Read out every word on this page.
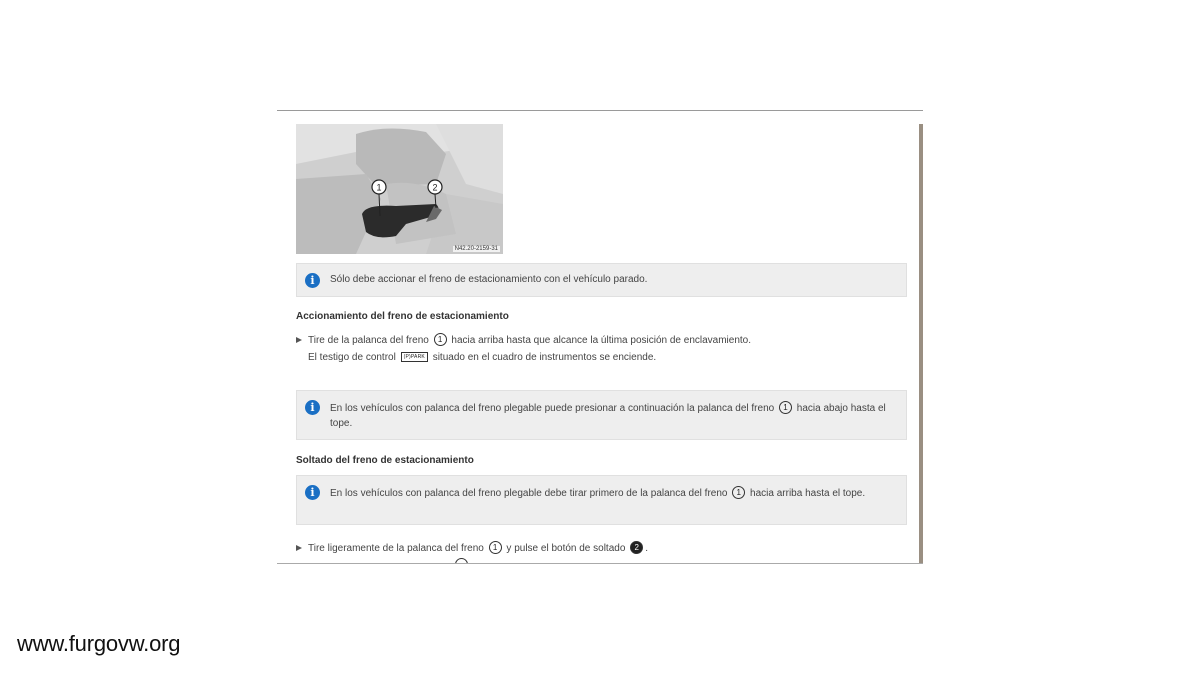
1	2
N42.20-2159-31
i	Sólo debe accionar el freno de estacionamiento con el vehículo parado.
Accionamiento del freno de estacionamiento
Tire de la palanca del freno 1 hacia arriba hasta que alcance la última posición de enclavamiento.
El testigo de control (P)PARK situado en el cuadro de instrumentos se enciende.
i	En los vehículos con palanca del freno plegable puede presionar a continuación la palanca del freno 1 hacia abajo hasta el tope.
Soltado del freno de estacionamiento
i	En los vehículos con palanca del freno plegable debe tirar primero de la palanca del freno 1 hacia arriba hasta el tope.
Tire ligeramente de la palanca del freno 1 y pulse el botón de soltado 2 .
www.furgovw.org
